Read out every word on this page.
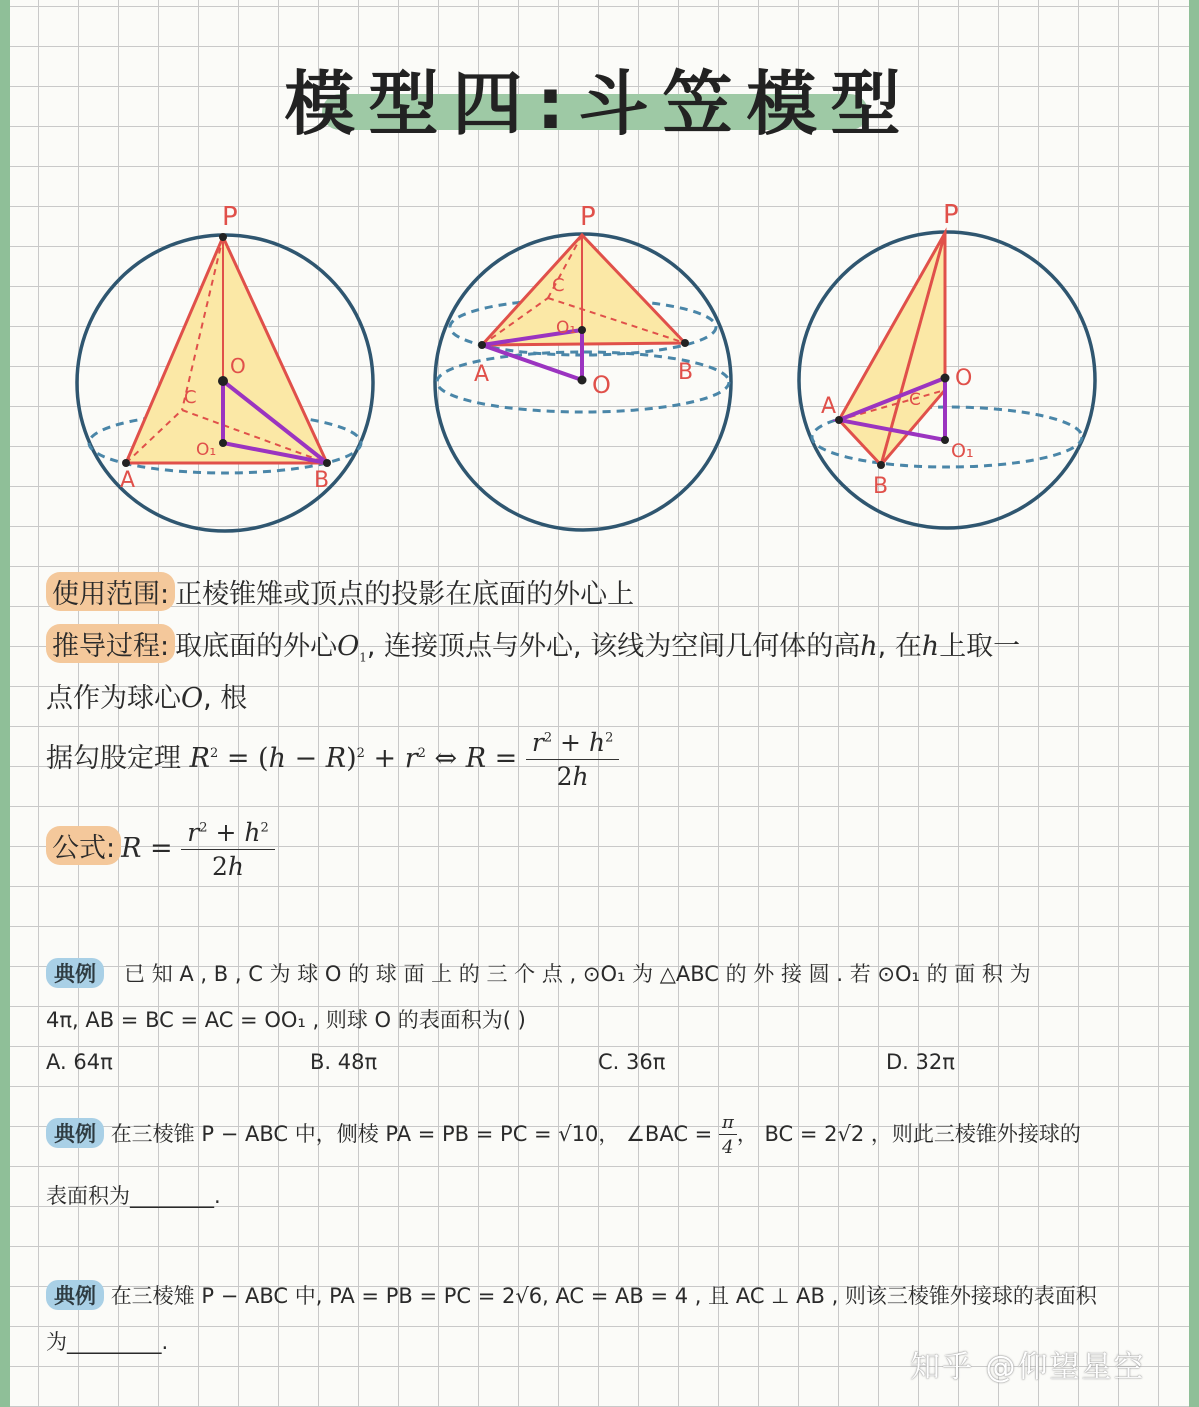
模型四:斗笠模型
P
O
C
O₁
A	B
P
C
O₁
O
A	B
P
O
C
O₁
A
B
使用范围: 正棱锥雉或顶点的投影在底面的外心上
推导过程: 取底面的外心$O_1$, 连接顶点与外心, 该线为空间几何体的高h, 在h上取一
点作为球心O, 根
据勾股定理 $R^2 = (h - R)^2 + r^2$ ⇔ $R = \frac{r^2 + h^2}{2h}$
公式: $R = \frac{r^2 + h^2}{2h}$
典例 已 知 A , B , C 为 球 O 的 球 面 上 的 三 个 点 , ⊙O₁ 为 △ABC 的 外 接 圆 . 若 ⊙O₁ 的 面 积 为
4π, AB = BC = AC = OO₁ , 则球 O 的表面积为( )
A. 64π	B. 48π	C. 36π	D. 32π
典例 在三棱锥 P − ABC 中，侧棱 PA = PB = PC = √10， ∠BAC = $\frac{\pi}{4}$ ， BC = 2√2 ，则此三棱锥外接球的
表面积为________.
典例 在三棱雉 P − ABC 中, PA = PB = PC = 2√6, AC = AB = 4 , 且 AC ⊥ AB , 则该三棱锥外接球的表面积
为_________.
知乎 @仰望星空
